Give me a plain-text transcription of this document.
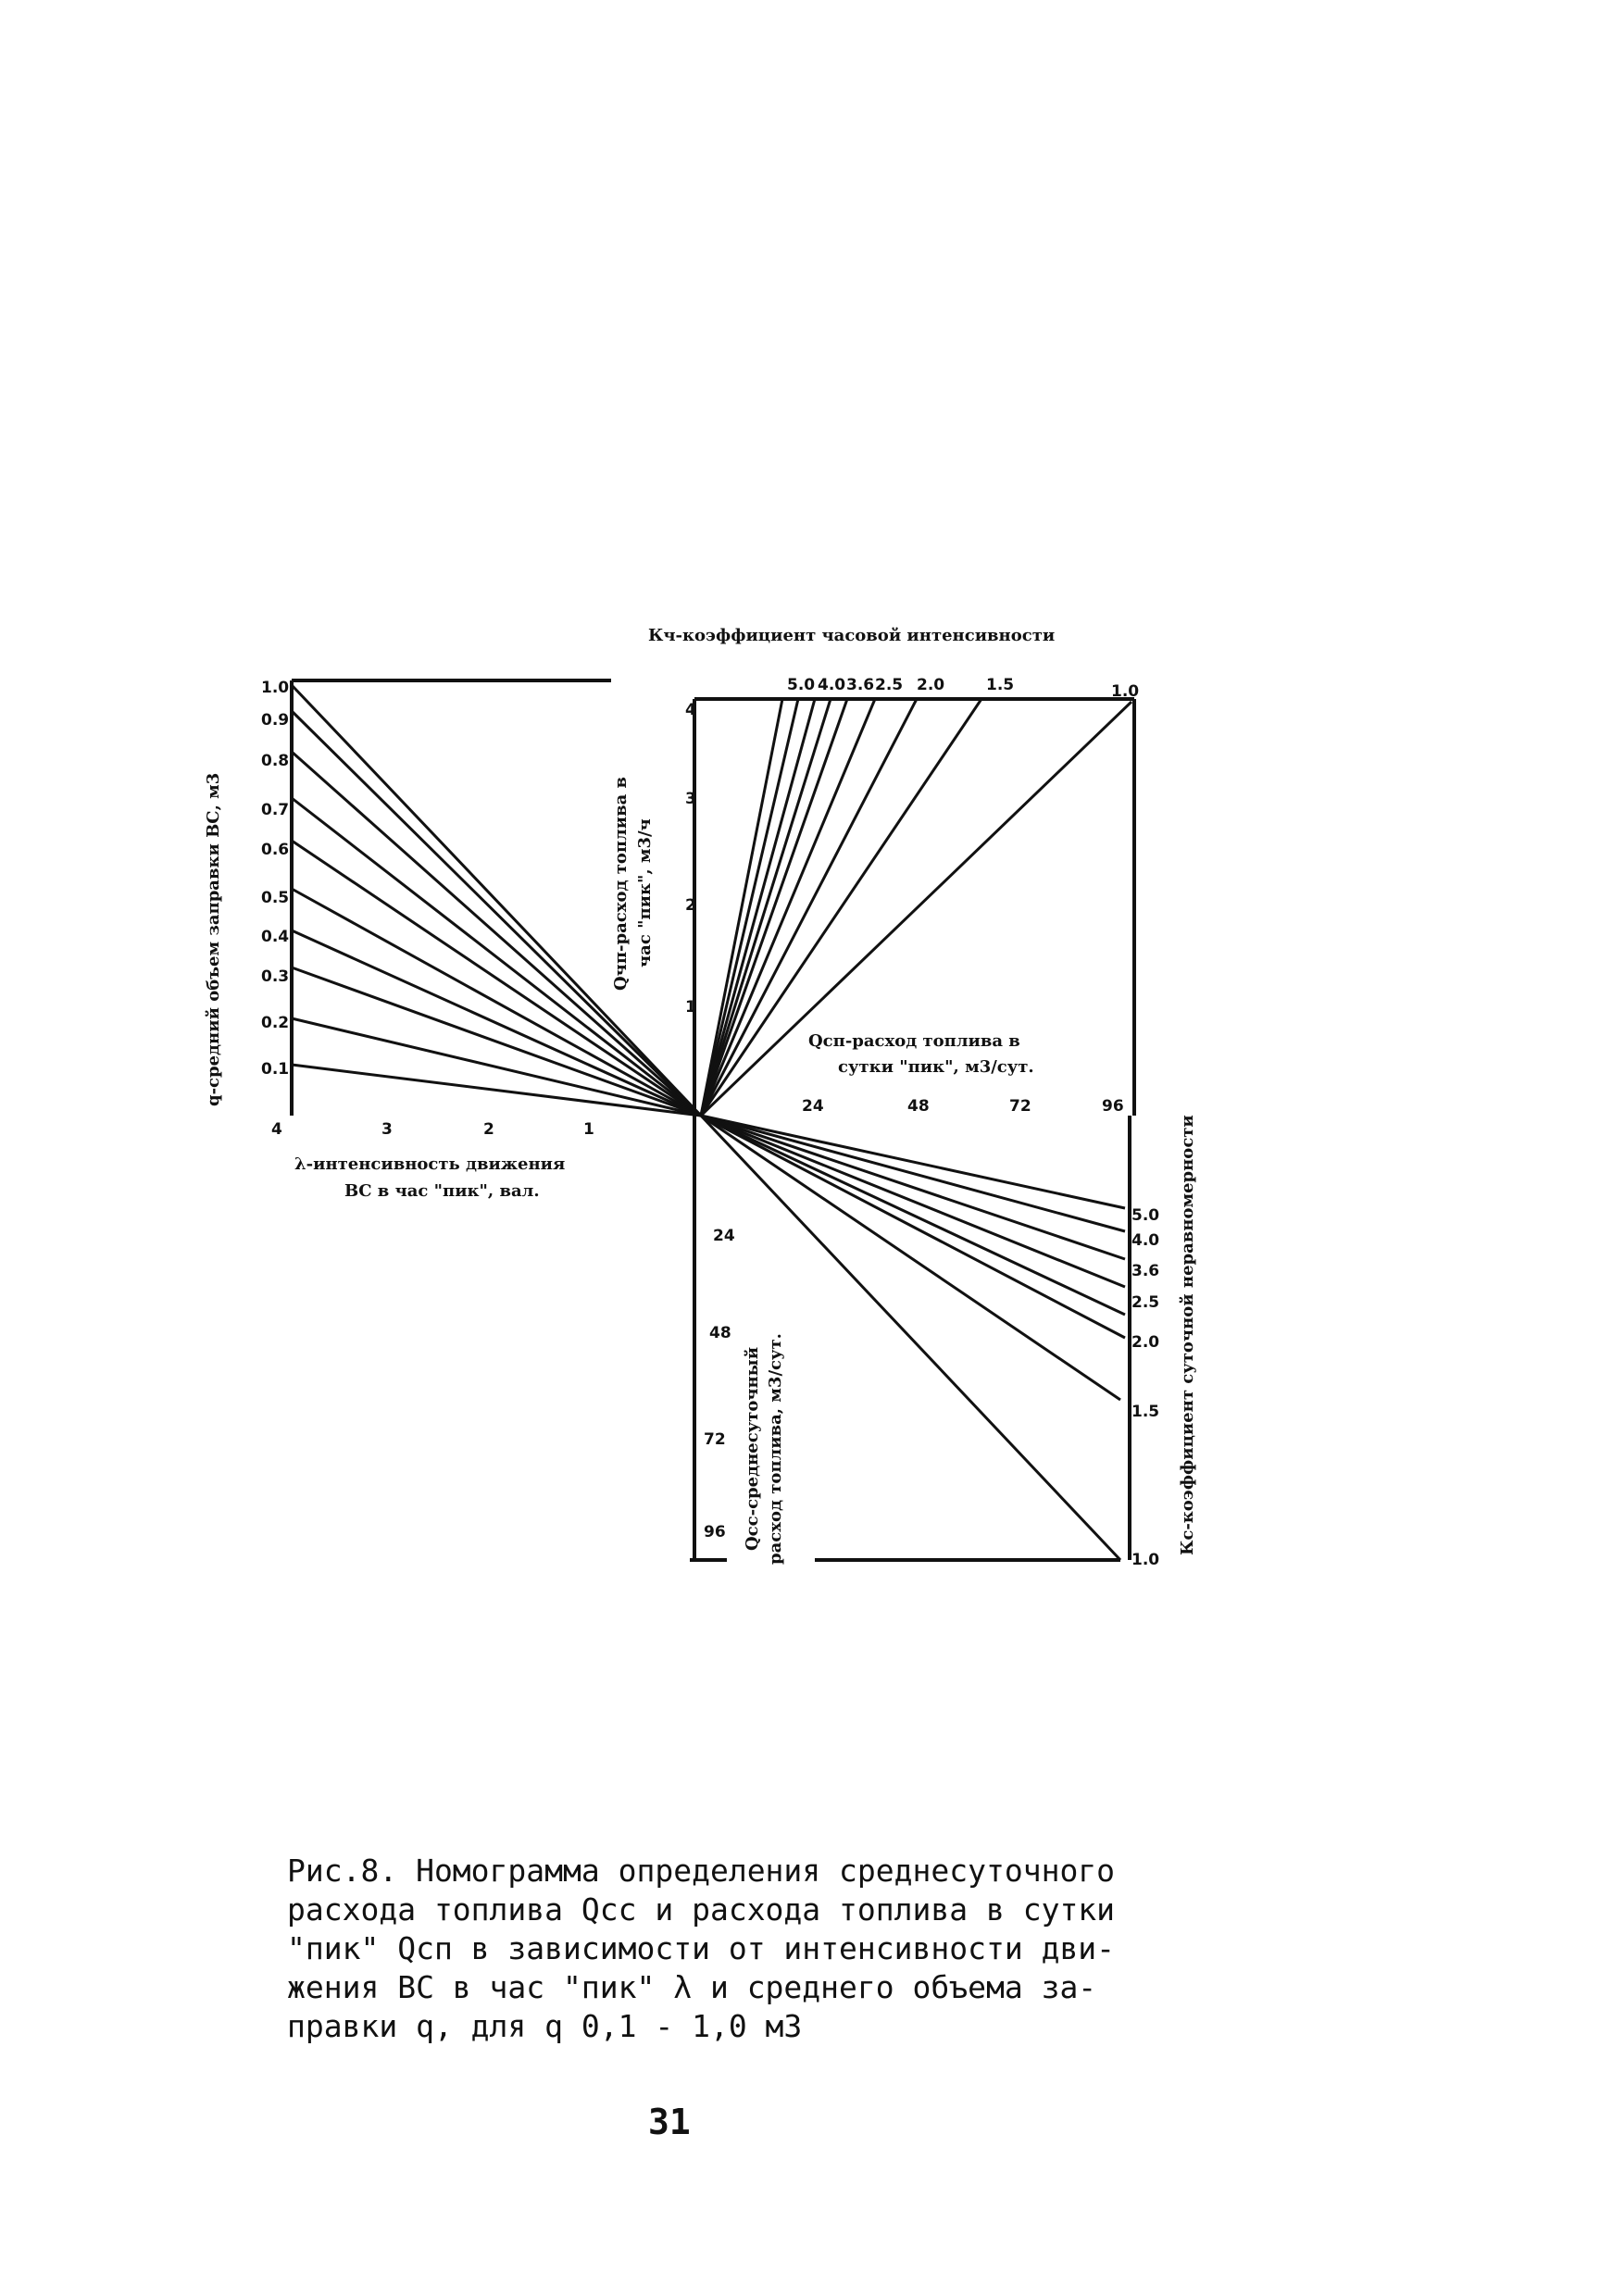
5.0 4.0 3.6 2.5 2.0	1.5	1.0
1.0
0.9
0.8
0.7
0.6
0.5
0.4
0.3
0.2
0.1
4	3	2	1
4
3
2
1
24	48	72	96
24
48
72
96
5.0
4.0
3.6
2.5
2.0
1.5
1.0
Кч-коэффициент часовой интенсивности
q-средний объем заправки ВС, м3
λ-интенсивность движения
ВС в час "пик", вал.
Qчп-расход топлива в час "пик", м3/ч
Qсп-расход топлива в
сутки "пик", м3/сут.
Qсс-среднесуточный расход топлива, м3/сут.	Кс-коэффициент суточной неравномерности
Рис.8. Номограмма определения среднесуточного
расхода топлива Qсс и расхода топлива в сутки
"пик" Qсп в зависимости от интенсивности дви-
жения ВС в час "пик" λ и среднего объема за-
правки q, для q 0,1 - 1,0 м3
31
